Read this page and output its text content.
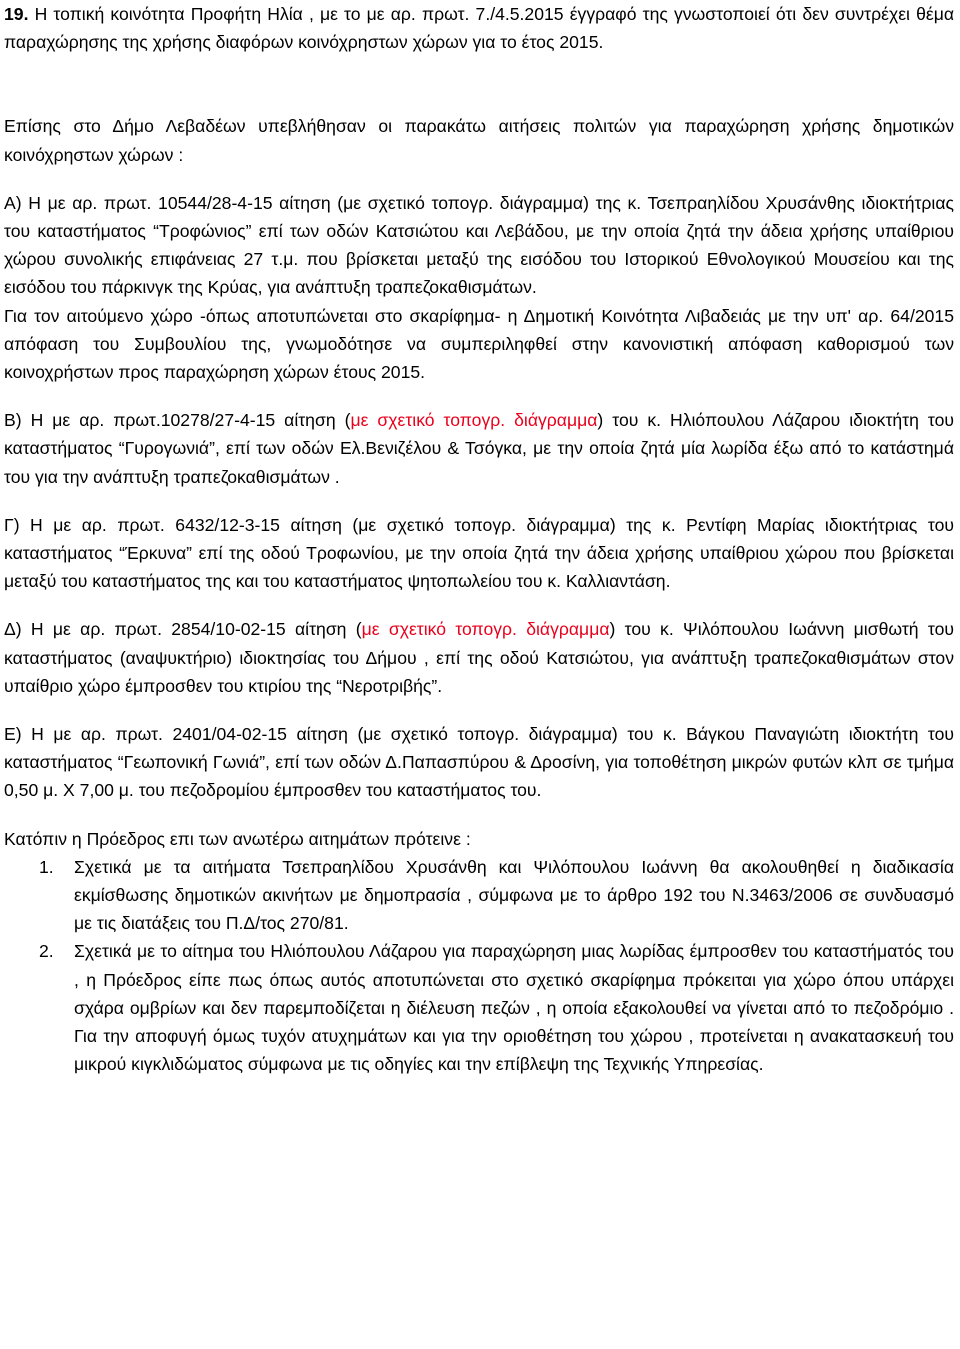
19. Η τοπική κοινότητα Προφήτη Ηλία , με το με αρ. πρωτ. 7./4.5.2015 έγγραφό της γνωστοποιεί ότι δεν συντρέχει θέμα παραχώρησης της χρήσης διαφόρων κοινόχρηστων χώρων για το έτος 2015.

Επίσης στο Δήμο Λεβαδέων υπεβλήθησαν οι παρακάτω αιτήσεις πολιτών για παραχώρηση χρήσης δημοτικών κοινόχρηστων χώρων :

Α) Η με αρ. πρωτ. 10544/28-4-15 αίτηση (με σχετικό τοπογρ. διάγραμμα) της κ. Τσεπραηλίδου Χρυσάνθης ιδιοκτήτριας του καταστήματος “Τροφώνιος” επί των οδών Κατσιώτου και Λεβάδου, με την οποία ζητά την άδεια χρήσης υπαίθριου χώρου συνολικής επιφάνειας 27 τ.μ. που βρίσκεται μεταξύ της εισόδου του Ιστορικού Εθνολογικού Μουσείου και της εισόδου του πάρκινγκ της Κρύας, για ανάπτυξη τραπεζοκαθισμάτων.

Για τον αιτούμενο χώρο -όπως αποτυπώνεται στο σκαρίφημα- η Δημοτική Κοινότητα Λιβαδειάς με την υπ' αρ. 64/2015 απόφαση του Συμβουλίου της, γνωμοδότησε να συμπεριληφθεί στην κανονιστική απόφαση καθορισμού των κοινοχρήστων προς παραχώρηση χώρων έτους 2015.

Β) Η με αρ. πρωτ.10278/27-4-15 αίτηση (με σχετικό τοπογρ. διάγραμμα) του κ. Ηλιόπουλου Λάζαρου ιδιοκτήτη του καταστήματος “Γυρογωνιά”, επί των οδών Ελ.Βενιζέλου & Τσόγκα, με την οποία ζητά μία λωρίδα έξω από το κατάστημά του για την ανάπτυξη τραπεζοκαθισμάτων .

Γ) Η με αρ. πρωτ. 6432/12-3-15 αίτηση (με σχετικό τοπογρ. διάγραμμα) της κ. Ρεντίφη Μαρίας ιδιοκτήτριας του καταστήματος “Έρκυνα” επί της οδού Τροφωνίου, με την οποία ζητά την άδεια χρήσης υπαίθριου χώρου που βρίσκεται μεταξύ του καταστήματος της και του καταστήματος ψητοπωλείου του κ. Καλλιαντάση.

Δ) Η με αρ. πρωτ. 2854/10-02-15 αίτηση (με σχετικό τοπογρ. διάγραμμα) του κ. Ψιλόπουλου Ιωάννη μισθωτή του καταστήματος (αναψυκτήριο) ιδιοκτησίας του Δήμου , επί της οδού Κατσιώτου, για ανάπτυξη τραπεζοκαθισμάτων στον υπαίθριο χώρο έμπροσθεν του κτιρίου της “Νεροτριβής”.

Ε) Η με αρ. πρωτ. 2401/04-02-15 αίτηση (με σχετικό τοπογρ. διάγραμμα) του κ. Βάγκου Παναγιώτη ιδιοκτήτη του καταστήματος “Γεωπονική Γωνιά”, επί των οδών Δ.Παπασπύρου & Δροσίνη, για τοποθέτηση μικρών φυτών κλπ σε τμήμα 0,50 μ. Χ 7,00 μ. του πεζοδρομίου έμπροσθεν του καταστήματος του.

Κατόπιν η Πρόεδρος επι των ανωτέρω αιτημάτων πρότεινε :

1. Σχετικά με τα αιτήματα Τσεπραηλίδου Χρυσάνθη και Ψιλόπουλου Ιωάννη θα ακολουθηθεί η διαδικασία εκμίσθωσης δημοτικών ακινήτων με δημοπρασία , σύμφωνα με το άρθρο 192 του Ν.3463/2006 σε συνδυασμό με τις διατάξεις του Π.Δ/τος 270/81.
2. Σχετικά με το αίτημα του Ηλιόπουλου Λάζαρου για παραχώρηση μιας λωρίδας έμπροσθεν του καταστήματός του , η Πρόεδρος είπε πως όπως αυτός αποτυπώνεται στο σχετικό σκαρίφημα πρόκειται για χώρο όπου υπάρχει σχάρα ομβρίων και δεν παρεμποδίζεται η διέλευση πεζών , η οποία εξακολουθεί να γίνεται από το πεζοδρόμιο . Για την αποφυγή όμως τυχόν ατυχημάτων και για την οριοθέτηση του χώρου , προτείνεται η ανακατασκευή του μικρού κιγκλιδώματος σύμφωνα με τις οδηγίες και την επίβλεψη της Τεχνικής Υπηρεσίας.
